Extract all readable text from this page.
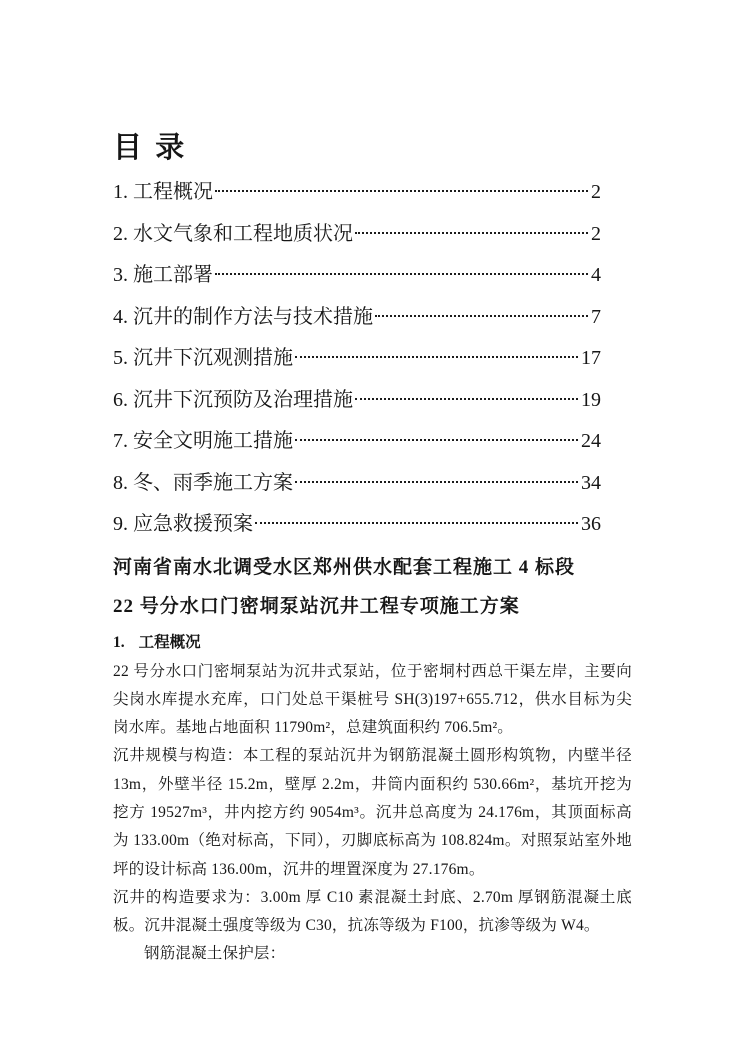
目 录
1. 工程概况	2
2. 水文气象和工程地质状况	2
3. 施工部署	4
4. 沉井的制作方法与技术措施	7
5. 沉井下沉观测措施	17
6. 沉井下沉预防及治理措施	19
7. 安全文明施工措施	24
8. 冬、雨季施工方案	34
9. 应急救援预案	36
河南省南水北调受水区郑州供水配套工程施工 4 标段
22 号分水口门密垌泵站沉井工程专项施工方案
1. 工程概况

22 号分水口门密垌泵站为沉井式泵站，位于密垌村西总干渠左岸，主要向尖岗水库提水充库，口门处总干渠桩号 SH(3)197+655.712，供水目标为尖岗水库。基地占地面积 11790m²，总建筑面积约 706.5m²。

沉井规模与构造：本工程的泵站沉井为钢筋混凝土圆形构筑物，内壁半径 13m，外壁半径 15.2m，壁厚 2.2m，井筒内面积约 530.66m²，基坑开挖为挖方 19527m³，井内挖方约 9054m³。沉井总高度为 24.176m，其顶面标高为 133.00m（绝对标高，下同），刃脚底标高为 108.824m。对照泵站室外地坪的设计标高 136.00m，沉井的埋置深度为 27.176m。

沉井的构造要求为：3.00m 厚 C10 素混凝土封底、2.70m 厚钢筋混凝土底板。沉井混凝土强度等级为 C30，抗冻等级为 F100，抗渗等级为 W4。

钢筋混凝土保护层：
